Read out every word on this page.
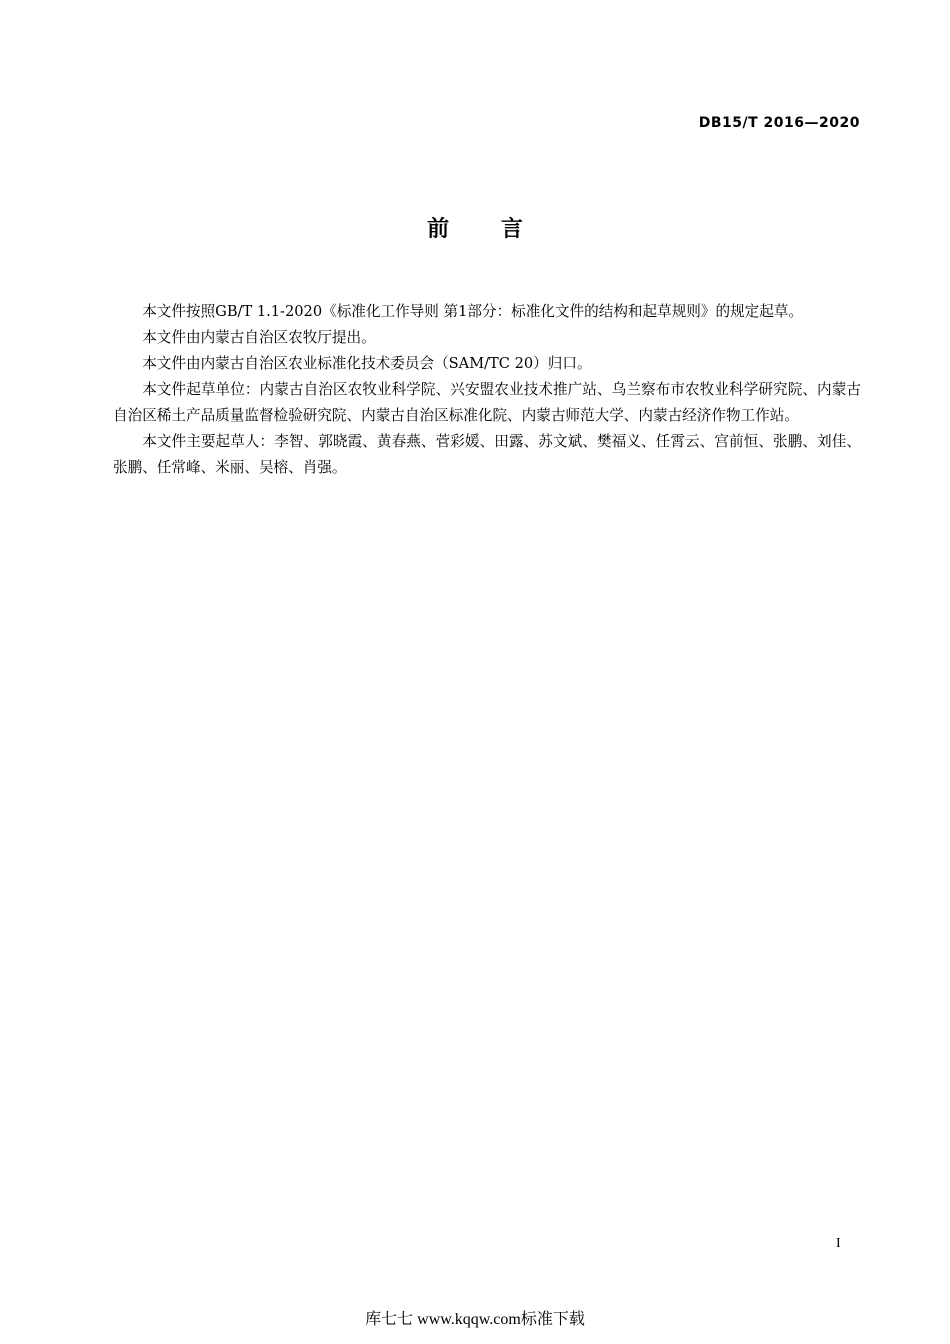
DB15/T 2016—2020
前 言

本文件按照GB/T 1.1-2020《标准化工作导则 第1部分：标准化文件的结构和起草规则》的规定起草。

本文件由内蒙古自治区农牧厅提出。

本文件由内蒙古自治区农业标准化技术委员会（SAM/TC 20）归口。

本文件起草单位：内蒙古自治区农牧业科学院、兴安盟农业技术推广站、乌兰察布市农牧业科学研究院、内蒙古自治区稀土产品质量监督检验研究院、内蒙古自治区标准化院、内蒙古师范大学、内蒙古经济作物工作站。

本文件主要起草人：李智、郭晓霞、黄春燕、菅彩媛、田露、苏文斌、樊福义、任霄云、宫前恒、张鹏、刘佳、张鹏、任常峰、米丽、吴榕、肖强。

I
库七七 www.kqqw.com标准下载
